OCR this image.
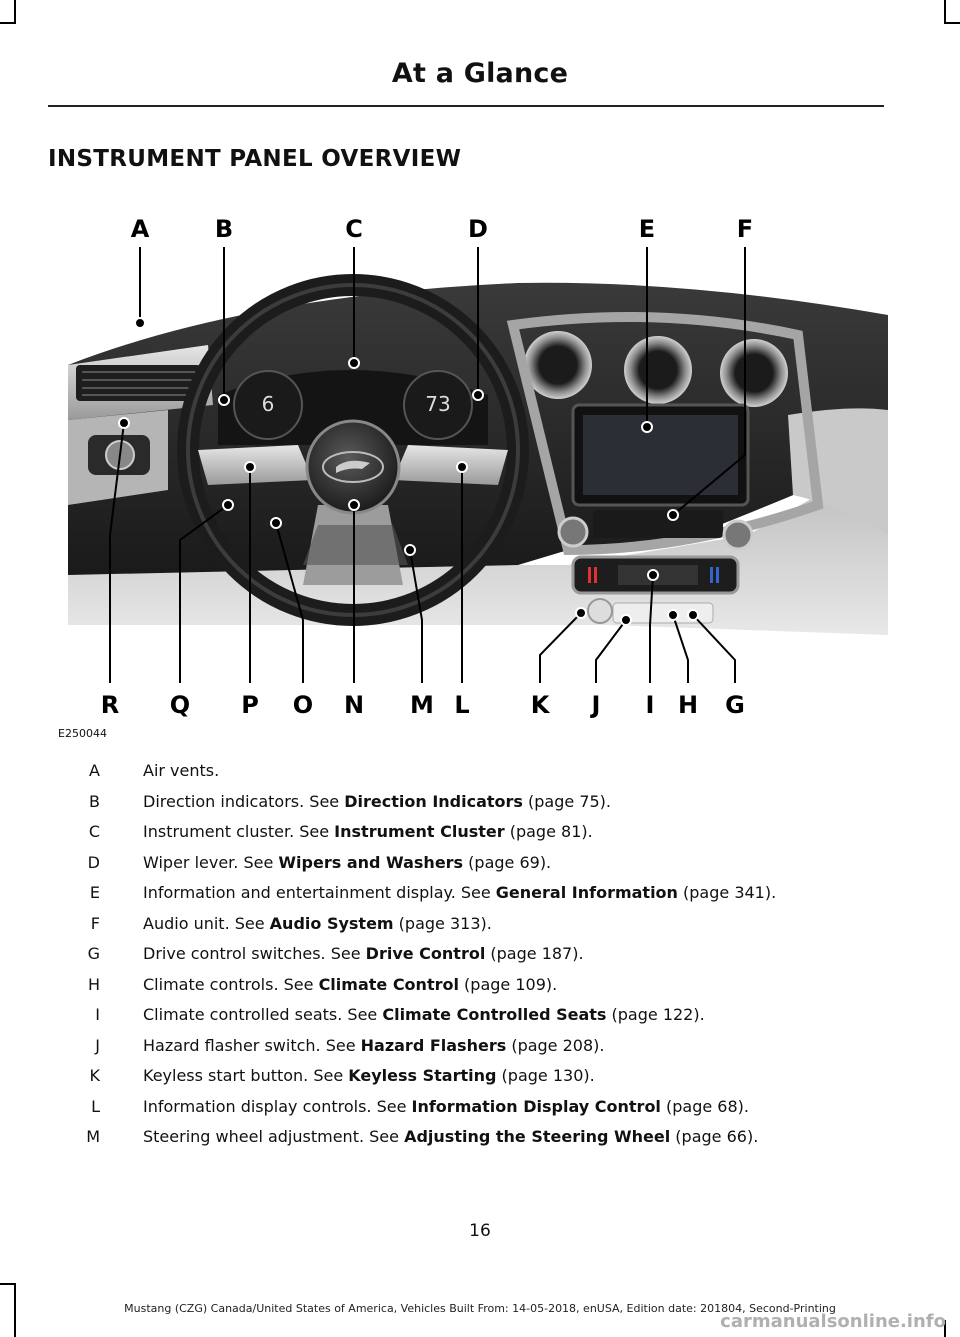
At a Glance
INSTRUMENT PANEL OVERVIEW
6	73
A	B	C	D	E	F
G
H
I
J
K
L
M
N
O
P
Q
R
E250044
A	Air vents.
B	Direction indicators. See Direction Indicators (page 75).
C	Instrument cluster. See Instrument Cluster (page 81).
D	Wiper lever. See Wipers and Washers (page 69).
E	Information and entertainment display. See General Information (page 341).
F	Audio unit. See Audio System (page 313).
G	Drive control switches. See Drive Control (page 187).
H	Climate controls. See Climate Control (page 109).
I	Climate controlled seats. See Climate Controlled Seats (page 122).
J	Hazard flasher switch. See Hazard Flashers (page 208).
K	Keyless start button. See Keyless Starting (page 130).
L	Information display controls. See Information Display Control (page 68).
M	Steering wheel adjustment. See Adjusting the Steering Wheel (page 66).
16
Mustang (CZG) Canada/United States of America, Vehicles Built From: 14-05-2018, enUSA, Edition date: 201804, Second-Printing
carmanualsonline.info
